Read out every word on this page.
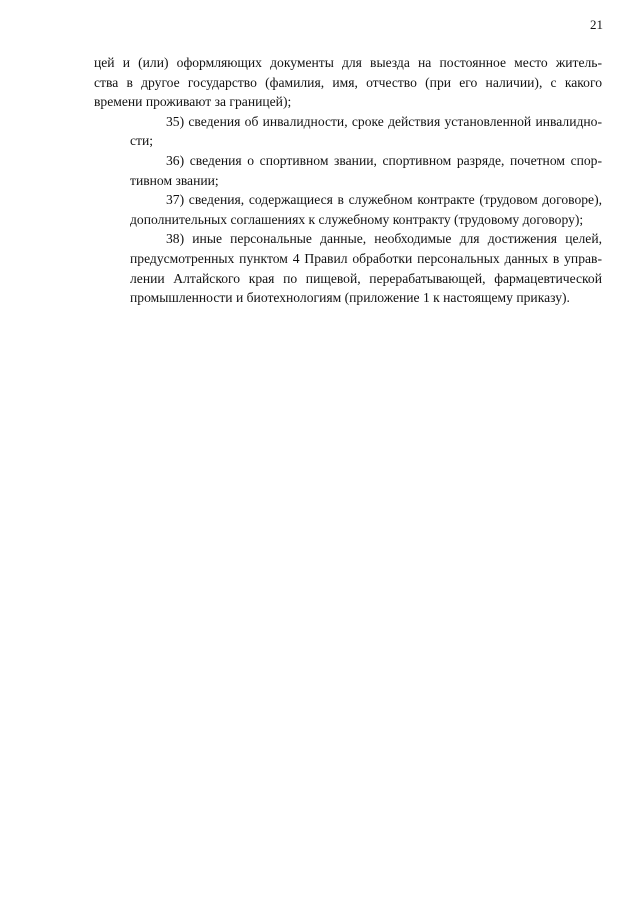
21

цей и (или) оформляющих документы для выезда на постоянное место житель-
ства в другое государство (фамилия, имя, отчество (при его наличии), с какого
времени проживают за границей);

35) сведения об инвалидности, сроке действия установленной инвалидно-
сти;

36) сведения о спортивном звании, спортивном разряде, почетном спор-
тивном звании;

37) сведения, содержащиеся в служебном контракте (трудовом договоре),
дополнительных соглашениях к служебному контракту (трудовому договору);

38) иные персональные данные, необходимые для достижения целей,
предусмотренных пунктом 4 Правил обработки персональных данных в управ-
лении Алтайского края по пищевой, перерабатывающей, фармацевтической
промышленности и биотехнологиям (приложение 1 к настоящему приказу).
